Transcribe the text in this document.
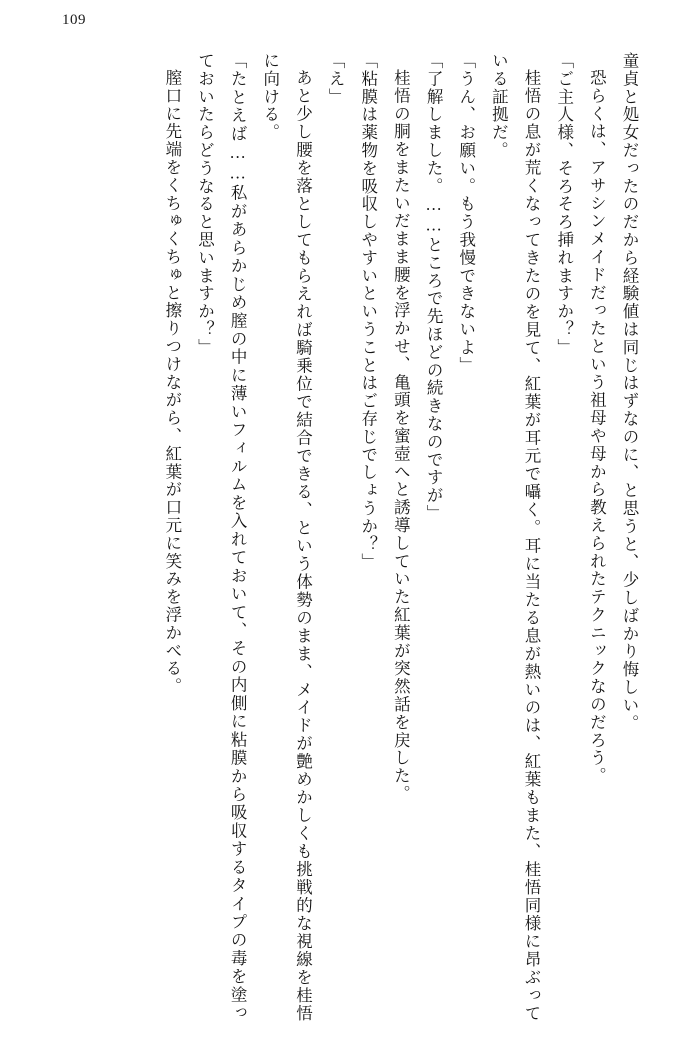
109

童貞と処女だったのだから経験値は同じはずなのに、と思うと、少しばかり悔しい。

恐らくは、アサシンメイドだったという祖母や母から教えられたテクニックなのだろう。

「ご主人様、そろそろ挿れますか？」

桂悟の息が荒くなってきたのを見て、紅葉が耳元で囁く。耳に当たる息が熱いのは、紅葉もまた、桂悟同様に昂ぶっている証拠だ。

「うん、お願い。もう我慢できないよ」

「了解しました。……ところで先ほどの続きなのですが」

桂悟の胴をまたいだまま腰を浮かせ、亀頭を蜜壺へと誘導していた紅葉が突然話を戻した。

「粘膜は薬物を吸収しやすいということはご存じでしょうか？」

「え」

あと少し腰を落としてもらえれば騎乗位で結合できる、という体勢のまま、メイドが艶めかしくも挑戦的な視線を桂悟に向ける。

「たとえば……私があらかじめ膣の中に薄いフィルムを入れておいて、その内側に粘膜から吸収するタイプの毒を塗っておいたらどうなると思いますか？」

膣口に先端をくちゅくちゅと擦りつけながら、紅葉が口元に笑みを浮かべる。
